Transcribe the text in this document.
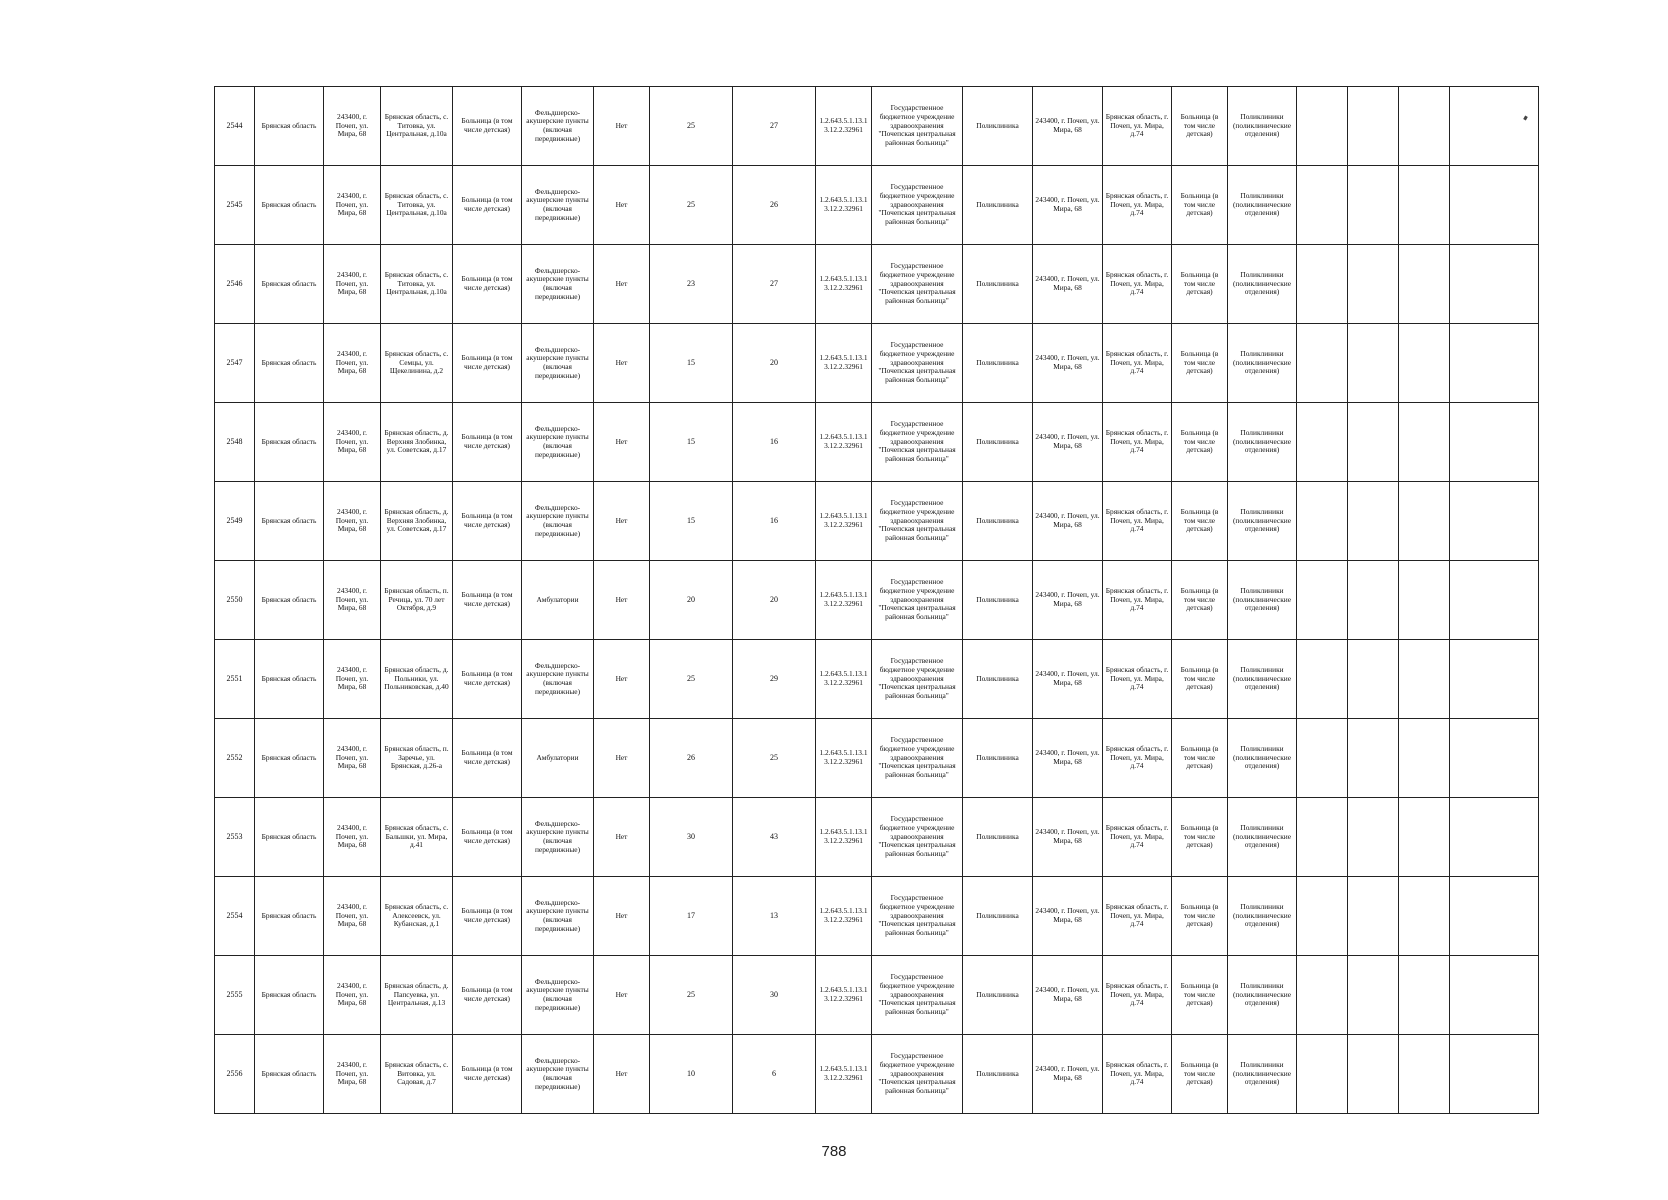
2544	Брянская область	243400, г. Почеп, ул. Мира, 68	Брянская область, с. Титовка, ул. Центральная, д.10а	Больница (в том числе детская)	Фельдшерско-акушерские пункты (включая передвижные)	Нет	25	27	1.2.643.5.1.13.13.12.2.32961	Государственное бюджетное учреждение здравоохранения "Почепская центральная районная больница"	Поликлиника	243400, г. Почеп, ул. Мира, 68	Брянская область, г. Почеп, ул. Мира, д.74	Больница (в том числе детская)	Поликлиники (поликлинические отделения)				
2545	Брянская область	243400, г. Почеп, ул. Мира, 68	Брянская область, с. Титовка, ул. Центральная, д.10а	Больница (в том числе детская)	Фельдшерско-акушерские пункты (включая передвижные)	Нет	25	26	1.2.643.5.1.13.13.12.2.32961	Государственное бюджетное учреждение здравоохранения "Почепская центральная районная больница"	Поликлиника	243400, г. Почеп, ул. Мира, 68	Брянская область, г. Почеп, ул. Мира, д.74	Больница (в том числе детская)	Поликлиники (поликлинические отделения)				
2546	Брянская область	243400, г. Почеп, ул. Мира, 68	Брянская область, с. Титовка, ул. Центральная, д.10а	Больница (в том числе детская)	Фельдшерско-акушерские пункты (включая передвижные)	Нет	23	27	1.2.643.5.1.13.13.12.2.32961	Государственное бюджетное учреждение здравоохранения "Почепская центральная районная больница"	Поликлиника	243400, г. Почеп, ул. Мира, 68	Брянская область, г. Почеп, ул. Мира, д.74	Больница (в том числе детская)	Поликлиники (поликлинические отделения)				
2547	Брянская область	243400, г. Почеп, ул. Мира, 68	Брянская область, с. Семцы, ул. Щекелинина, д.2	Больница (в том числе детская)	Фельдшерско-акушерские пункты (включая передвижные)	Нет	15	20	1.2.643.5.1.13.13.12.2.32961	Государственное бюджетное учреждение здравоохранения "Почепская центральная районная больница"	Поликлиника	243400, г. Почеп, ул. Мира, 68	Брянская область, г. Почеп, ул. Мира, д.74	Больница (в том числе детская)	Поликлиники (поликлинические отделения)				
2548	Брянская область	243400, г. Почеп, ул. Мира, 68	Брянская область, д. Верхняя Злобинка, ул. Советская, д.17	Больница (в том числе детская)	Фельдшерско-акушерские пункты (включая передвижные)	Нет	15	16	1.2.643.5.1.13.13.12.2.32961	Государственное бюджетное учреждение здравоохранения "Почепская центральная районная больница"	Поликлиника	243400, г. Почеп, ул. Мира, 68	Брянская область, г. Почеп, ул. Мира, д.74	Больница (в том числе детская)	Поликлиники (поликлинические отделения)				
2549	Брянская область	243400, г. Почеп, ул. Мира, 68	Брянская область, д. Верхняя Злобинка, ул. Советская, д.17	Больница (в том числе детская)	Фельдшерско-акушерские пункты (включая передвижные)	Нет	15	16	1.2.643.5.1.13.13.12.2.32961	Государственное бюджетное учреждение здравоохранения "Почепская центральная районная больница"	Поликлиника	243400, г. Почеп, ул. Мира, 68	Брянская область, г. Почеп, ул. Мира, д.74	Больница (в том числе детская)	Поликлиники (поликлинические отделения)				
2550	Брянская область	243400, г. Почеп, ул. Мира, 68	Брянская область, п. Речица, ул. 70 лет Октября, д.9	Больница (в том числе детская)	Амбулатории	Нет	20	20	1.2.643.5.1.13.13.12.2.32961	Государственное бюджетное учреждение здравоохранения "Почепская центральная районная больница"	Поликлиника	243400, г. Почеп, ул. Мира, 68	Брянская область, г. Почеп, ул. Мира, д.74	Больница (в том числе детская)	Поликлиники (поликлинические отделения)				
2551	Брянская область	243400, г. Почеп, ул. Мира, 68	Брянская область, д. Польники, ул. Польниковская, д.40	Больница (в том числе детская)	Фельдшерско-акушерские пункты (включая передвижные)	Нет	25	29	1.2.643.5.1.13.13.12.2.32961	Государственное бюджетное учреждение здравоохранения "Почепская центральная районная больница"	Поликлиника	243400, г. Почеп, ул. Мира, 68	Брянская область, г. Почеп, ул. Мира, д.74	Больница (в том числе детская)	Поликлиники (поликлинические отделения)				
2552	Брянская область	243400, г. Почеп, ул. Мира, 68	Брянская область, п. Заречье, ул. Брянская, д.26-а	Больница (в том числе детская)	Амбулатории	Нет	26	25	1.2.643.5.1.13.13.12.2.32961	Государственное бюджетное учреждение здравоохранения "Почепская центральная районная больница"	Поликлиника	243400, г. Почеп, ул. Мира, 68	Брянская область, г. Почеп, ул. Мира, д.74	Больница (в том числе детская)	Поликлиники (поликлинические отделения)				
2553	Брянская область	243400, г. Почеп, ул. Мира, 68	Брянская область, с. Бальшки, ул. Мира, д.41	Больница (в том числе детская)	Фельдшерско-акушерские пункты (включая передвижные)	Нет	30	43	1.2.643.5.1.13.13.12.2.32961	Государственное бюджетное учреждение здравоохранения "Почепская центральная районная больница"	Поликлиника	243400, г. Почеп, ул. Мира, 68	Брянская область, г. Почеп, ул. Мира, д.74	Больница (в том числе детская)	Поликлиники (поликлинические отделения)				
2554	Брянская область	243400, г. Почеп, ул. Мира, 68	Брянская область, с. Алексеевск, ул. Кубанская, д.1	Больница (в том числе детская)	Фельдшерско-акушерские пункты (включая передвижные)	Нет	17	13	1.2.643.5.1.13.13.12.2.32961	Государственное бюджетное учреждение здравоохранения "Почепская центральная районная больница"	Поликлиника	243400, г. Почеп, ул. Мира, 68	Брянская область, г. Почеп, ул. Мира, д.74	Больница (в том числе детская)	Поликлиники (поликлинические отделения)				
2555	Брянская область	243400, г. Почеп, ул. Мира, 68	Брянская область, д. Папсуевка, ул. Центральная, д.13	Больница (в том числе детская)	Фельдшерско-акушерские пункты (включая передвижные)	Нет	25	30	1.2.643.5.1.13.13.12.2.32961	Государственное бюджетное учреждение здравоохранения "Почепская центральная районная больница"	Поликлиника	243400, г. Почеп, ул. Мира, 68	Брянская область, г. Почеп, ул. Мира, д.74	Больница (в том числе детская)	Поликлиники (поликлинические отделения)				
2556	Брянская область	243400, г. Почеп, ул. Мира, 68	Брянская область, с. Витовка, ул. Садовая, д.7	Больница (в том числе детская)	Фельдшерско-акушерские пункты (включая передвижные)	Нет	10	6	1.2.643.5.1.13.13.12.2.32961	Государственное бюджетное учреждение здравоохранения "Почепская центральная районная больница"	Поликлиника	243400, г. Почеп, ул. Мира, 68	Брянская область, г. Почеп, ул. Мира, д.74	Больница (в том числе детская)	Поликлиники (поликлинические отделения)				
788
